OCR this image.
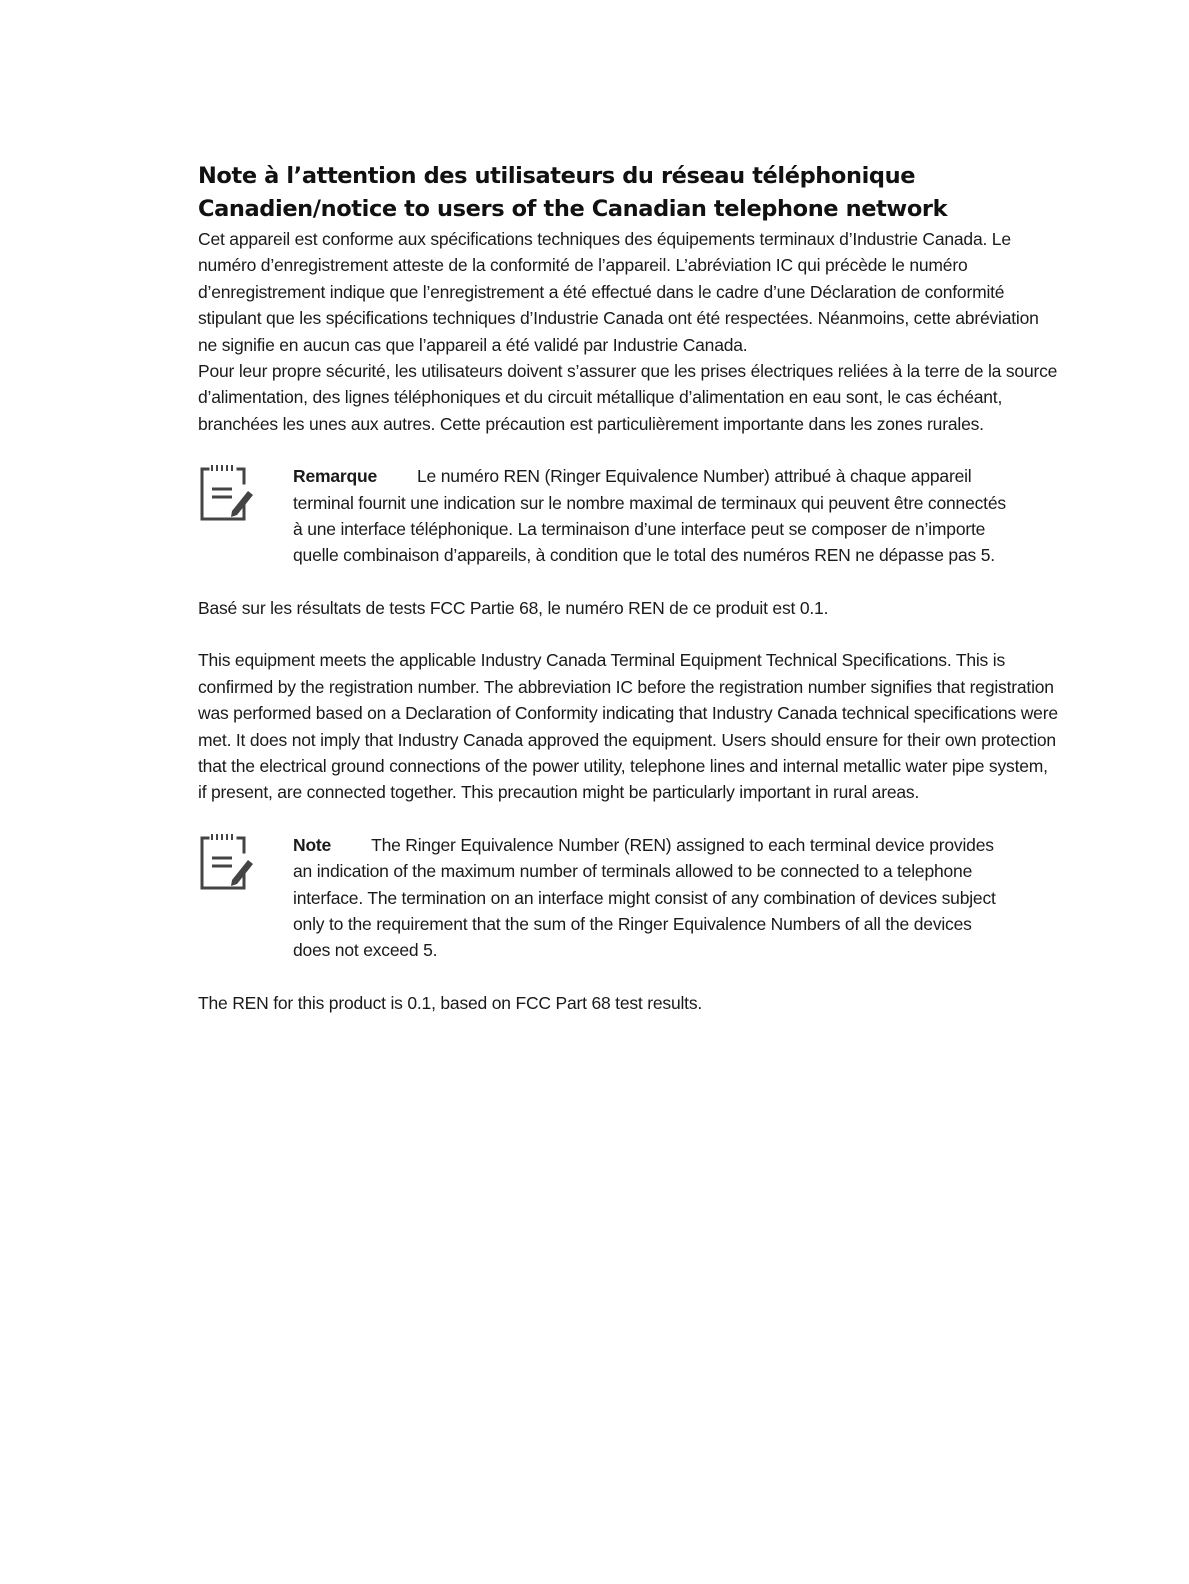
Note à l’attention des utilisateurs du réseau téléphonique Canadien/notice to users of the Canadian telephone network

Cet appareil est conforme aux spécifications techniques des équipements terminaux d’Industrie Canada. Le numéro d’enregistrement atteste de la conformité de l’appareil. L’abréviation IC qui précède le numéro d’enregistrement indique que l’enregistrement a été effectué dans le cadre d’une Déclaration de conformité stipulant que les spécifications techniques d’Industrie Canada ont été respectées. Néanmoins, cette abréviation ne signifie en aucun cas que l’appareil a été validé par Industrie Canada.

Pour leur propre sécurité, les utilisateurs doivent s’assurer que les prises électriques reliées à la terre de la source d’alimentation, des lignes téléphoniques et du circuit métallique d’alimentation en eau sont, le cas échéant, branchées les unes aux autres. Cette précaution est particulièrement importante dans les zones rurales.

Remarque Le numéro REN (Ringer Equivalence Number) attribué à chaque appareil terminal fournit une indication sur le nombre maximal de terminaux qui peuvent être connectés à une interface téléphonique. La terminaison d’une interface peut se composer de n’importe quelle combinaison d’appareils, à condition que le total des numéros REN ne dépasse pas 5.

Basé sur les résultats de tests FCC Partie 68, le numéro REN de ce produit est 0.1.

This equipment meets the applicable Industry Canada Terminal Equipment Technical Specifications. This is confirmed by the registration number. The abbreviation IC before the registration number signifies that registration was performed based on a Declaration of Conformity indicating that Industry Canada technical specifications were met. It does not imply that Industry Canada approved the equipment. Users should ensure for their own protection that the electrical ground connections of the power utility, telephone lines and internal metallic water pipe system, if present, are connected together. This precaution might be particularly important in rural areas.

Note The Ringer Equivalence Number (REN) assigned to each terminal device provides an indication of the maximum number of terminals allowed to be connected to a telephone interface. The termination on an interface might consist of any combination of devices subject only to the requirement that the sum of the Ringer Equivalence Numbers of all the devices does not exceed 5.

The REN for this product is 0.1, based on FCC Part 68 test results.
